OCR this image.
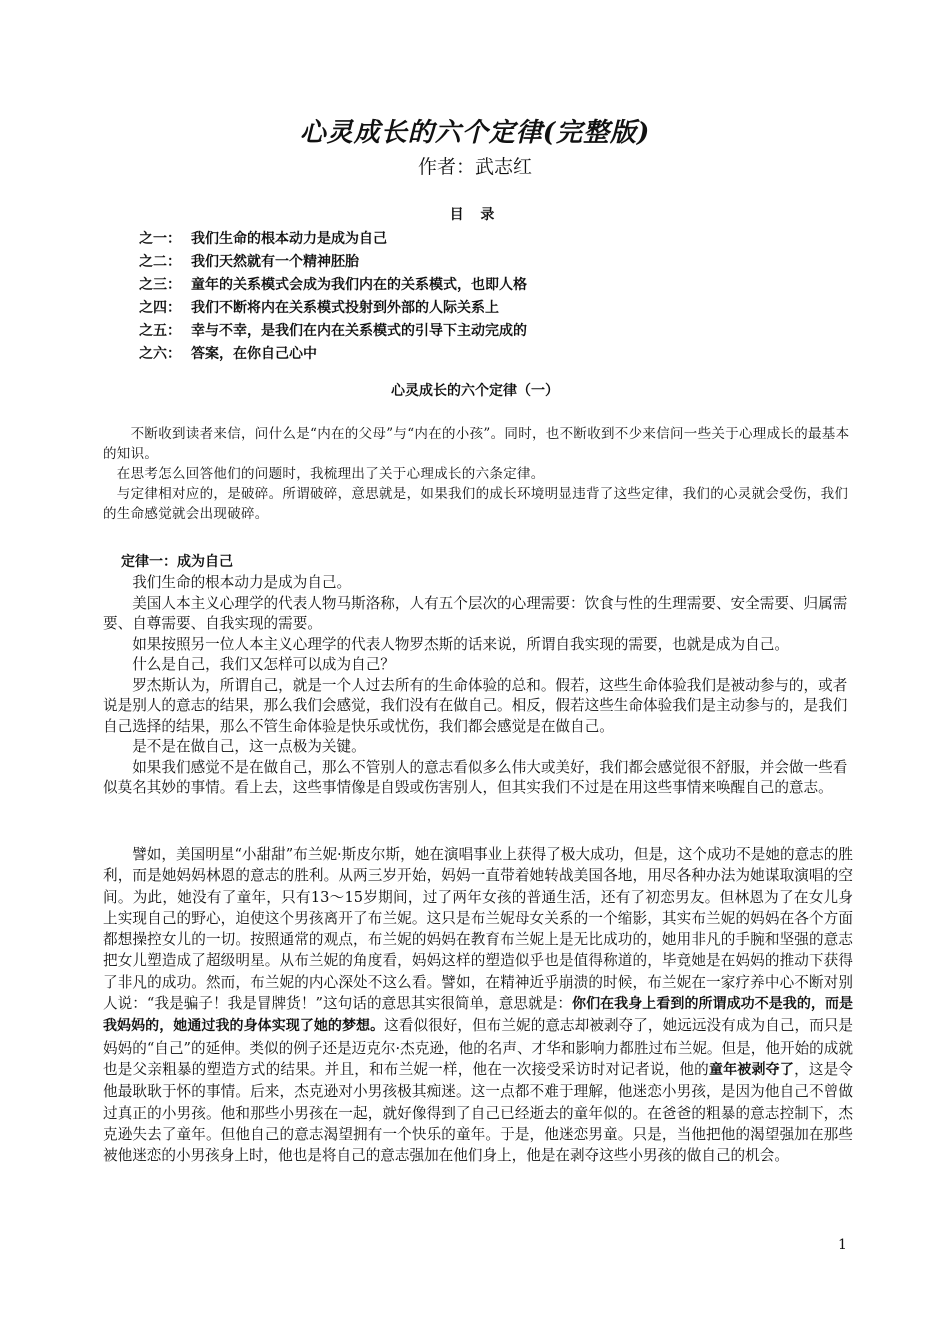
心灵成长的六个定律(完整版)
作者：武志红
目 录
之一： 我们生命的根本动力是成为自己
之二： 我们天然就有一个精神胚胎
之三： 童年的关系模式会成为我们内在的关系模式，也即人格
之四： 我们不断将内在关系模式投射到外部的人际关系上
之五： 幸与不幸，是我们在内在关系模式的引导下主动完成的
之六： 答案，在你自己心中
心灵成长的六个定律（一）

　　不断收到读者来信，问什么是“内在的父母”与“内在的小孩”。同时，也不断收到不少来信问一些关于心理成长的最基本的知识。

　在思考怎么回答他们的问题时，我梳理出了关于心理成长的六条定律。

　与定律相对应的，是破碎。所谓破碎，意思就是，如果我们的成长环境明显违背了这些定律，我们的心灵就会受伤，我们的生命感觉就会出现破碎。

定律一：成为自己

我们生命的根本动力是成为自己。

美国人本主义心理学的代表人物马斯洛称，人有五个层次的心理需要：饮食与性的生理需要、安全需要、归属需要、自尊需要、自我实现的需要。

如果按照另一位人本主义心理学的代表人物罗杰斯的话来说，所谓自我实现的需要，也就是成为自己。

什么是自己，我们又怎样可以成为自己？

罗杰斯认为，所谓自己，就是一个人过去所有的生命体验的总和。假若，这些生命体验我们是被动参与的，或者说是别人的意志的结果，那么我们会感觉，我们没有在做自己。相反，假若这些生命体验我们是主动参与的，是我们自己选择的结果，那么不管生命体验是快乐或忧伤，我们都会感觉是在做自己。

是不是在做自己，这一点极为关键。

如果我们感觉不是在做自己，那么不管别人的意志看似多么伟大或美好，我们都会感觉很不舒服，并会做一些看似莫名其妙的事情。看上去，这些事情像是自毁或伤害别人，但其实我们不过是在用这些事情来唤醒自己的意志。

譬如，美国明星“小甜甜”布兰妮·斯皮尔斯，她在演唱事业上获得了极大成功，但是，这个成功不是她的意志的胜利，而是她妈妈林恩的意志的胜利。从两三岁开始，妈妈一直带着她转战美国各地，用尽各种办法为她谋取演唱的空间。为此，她没有了童年，只有13～15岁期间，过了两年女孩的普通生活，还有了初恋男友。但林恩为了在女儿身上实现自己的野心，迫使这个男孩离开了布兰妮。这只是布兰妮母女关系的一个缩影，其实布兰妮的妈妈在各个方面都想操控女儿的一切。按照通常的观点，布兰妮的妈妈在教育布兰妮上是无比成功的，她用非凡的手腕和坚强的意志把女儿塑造成了超级明星。从布兰妮的角度看，妈妈这样的塑造似乎也是值得称道的，毕竟她是在妈妈的推动下获得了非凡的成功。然而，布兰妮的内心深处不这么看。譬如，在精神近乎崩溃的时候，布兰妮在一家疗养中心不断对别人说：“我是骗子！我是冒牌货！”这句话的意思其实很简单，意思就是：你们在我身上看到的所谓成功不是我的，而是我妈妈的，她通过我的身体实现了她的梦想。这看似很好，但布兰妮的意志却被剥夺了，她远远没有成为自己，而只是妈妈的“自己”的延伸。类似的例子还是迈克尔·杰克逊，他的名声、才华和影响力都胜过布兰妮。但是，他开始的成就也是父亲粗暴的塑造方式的结果。并且，和布兰妮一样，他在一次接受采访时对记者说，他的童年被剥夺了，这是令他最耿耿于怀的事情。后来，杰克逊对小男孩极其痴迷。这一点都不难于理解，他迷恋小男孩，是因为他自己不曾做过真正的小男孩。他和那些小男孩在一起，就好像得到了自己已经逝去的童年似的。在爸爸的粗暴的意志控制下，杰克逊失去了童年。但他自己的意志渴望拥有一个快乐的童年。于是，他迷恋男童。只是，当他把他的渴望强加在那些被他迷恋的小男孩身上时，他也是将自己的意志强加在他们身上，他是在剥夺这些小男孩的做自己的机会。

1
